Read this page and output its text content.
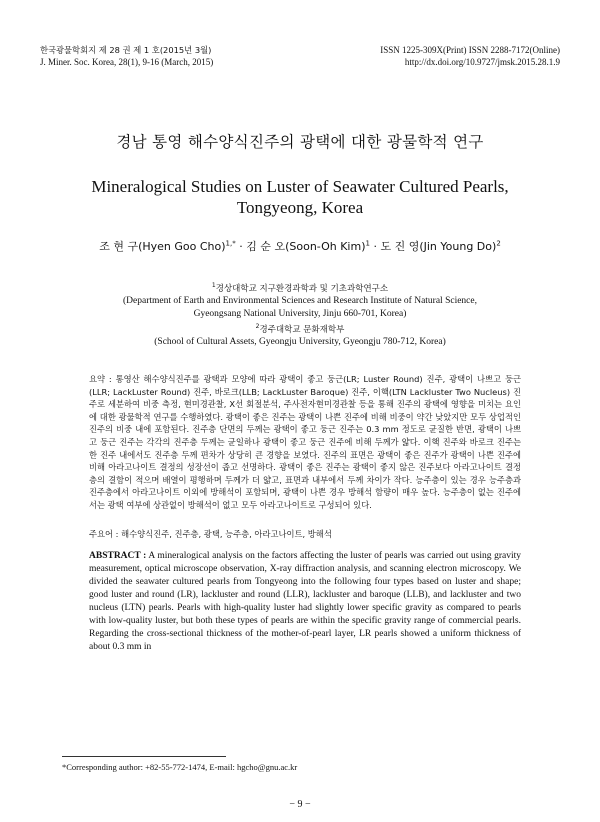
한국광물학회지 제 28 권 제 1 호(2015년 3월)
J. Miner. Soc. Korea, 28(1), 9-16 (March, 2015)
ISSN 1225-309X(Print) ISSN 2288-7172(Online)
http://dx.doi.org/10.9727/jmsk.2015.28.1.9
경남 통영 해수양식진주의 광택에 대한 광물학적 연구
Mineralogical Studies on Luster of Seawater Cultured Pearls,
Tongyeong, Korea
조 현 구(Hyen Goo Cho)$^{1,*}$ · 김 순 오(Soon-Oh Kim)$^1$ · 도 진 영(Jin Young Do)$^2$
$^1$경상대학교 지구환경과학과 및 기초과학연구소
(Department of Earth and Environmental Sciences and Research Institute of Natural Science,
Gyeongsang National University, Jinju 660-701, Korea)
$^2$경주대학교 문화재학부
(School of Cultural Assets, Gyeongju University, Gyeongju 780-712, Korea)
요약 : 통영산 해수양식진주를 광택과 모양에 따라 광택이 좋고 둥근(LR; Luster Round) 진주, 광택이 나쁘고 둥근(LLR; LackLuster Round) 진주, 바로크(LLB; LackLuster Baroque) 진주, 이핵(LTN Lackluster Two Nucleus) 진주로 세분하여 비중 측정, 현미경관찰, X선 회절분석, 주사전자현미경관찰 등을 통해 진주의 광택에 영향을 미치는 요인에 대한 광물학적 연구를 수행하였다. 광택이 좋은 진주는 광택이 나쁜 진주에 비해 비중이 약간 낮았지만 모두 상업적인 진주의 비중 내에 포함된다. 진주층 단면의 두께는 광택이 좋고 둥근 진주는 0.3 mm 정도로 균질한 반면, 광택이 나쁘고 둥근 진주는 각각의 진주층 두께는 균일하나 광택이 좋고 둥근 진주에 비해 두께가 얇다. 이핵 진주와 바로크 진주는 한 진주 내에서도 진주층 두께 편차가 상당히 큰 경향을 보였다. 진주의 표면은 광택이 좋은 진주가 광택이 나쁜 진주에 비해 아라고나이트 결정의 성장선이 좁고 선명하다. 광택이 좋은 진주는 광택이 좋지 않은 진주보다 아라고나이트 결정층의 결함이 적으며 배열이 평행하며 두께가 더 얇고, 표면과 내부에서 두께 차이가 작다. 능주층이 있는 경우 능주층과 진주층에서 아라고나이트 이외에 방해석이 포함되며, 광택이 나쁜 경우 방해석 함량이 매우 높다. 능주층이 없는 진주에서는 광택 여부에 상관없이 방해석이 없고 모두 아라고나이트로 구성되어 있다.
주요어 : 해수양식진주, 진주층, 광택, 능주층, 아라고나이트, 방해석
ABSTRACT : A mineralogical analysis on the factors affecting the luster of pearls was carried out using gravity measurement, optical microscope observation, X-ray diffraction analysis, and scanning electron microscopy. We divided the seawater cultured pearls from Tongyeong into the following four types based on luster and shape; good luster and round (LR), lackluster and round (LLR), lackluster and baroque (LLB), and lackluster and two nucleus (LTN) pearls. Pearls with high-quality luster had slightly lower specific gravity as compared to pearls with low-quality luster, but both these types of pearls are within the specific gravity range of commercial pearls. Regarding the cross-sectional thickness of the mother-of-pearl layer, LR pearls showed a uniform thickness of about 0.3 mm in
*Corresponding author: +82-55-772-1474, E-mail: hgcho@gnu.ac.kr
− 9 −
